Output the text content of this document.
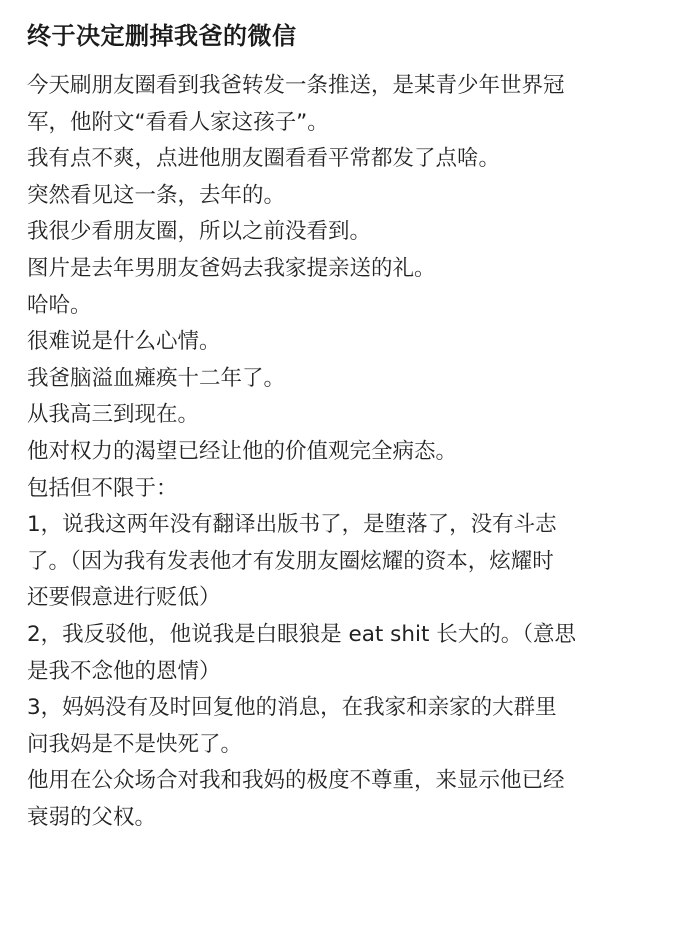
终于决定删掉我爸的微信
今天刷朋友圈看到我爸转发一条推送，是某青少年世界冠
军，他附文“看看人家这孩子”。
我有点不爽，点进他朋友圈看看平常都发了点啥。
突然看见这一条，去年的。
我很少看朋友圈，所以之前没看到。
图片是去年男朋友爸妈去我家提亲送的礼。
哈哈。
很难说是什么心情。
我爸脑溢血瘫痪十二年了。
从我高三到现在。
他对权力的渴望已经让他的价值观完全病态。
包括但不限于：
1，说我这两年没有翻译出版书了，是堕落了，没有斗志
了。（因为我有发表他才有发朋友圈炫耀的资本，炫耀时
还要假意进行贬低）
2，我反驳他，他说我是白眼狼是 eat shit 长大的。（意思
是我不念他的恩情）
3，妈妈没有及时回复他的消息，在我家和亲家的大群里
问我妈是不是快死了。
他用在公众场合对我和我妈的极度不尊重，来显示他已经
衰弱的父权。
